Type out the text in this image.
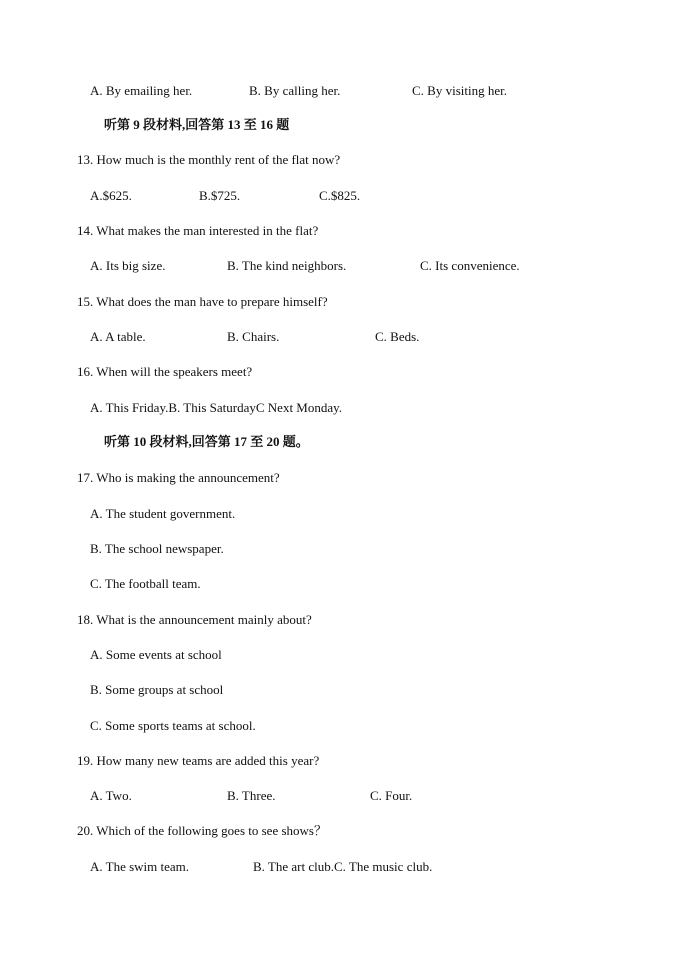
A. By emailing her.	B. By calling her.	C. By visiting her.
听第 9 段材料,回答第 13 至 16 题
13. How much is the monthly rent of the flat now?
A.$625.	B.$725.	C.$825.
14. What makes the man interested in the flat?
A. Its big size.	B. The kind neighbors.	C. Its convenience.
15. What does the man have to prepare himself?
A. A table.	B. Chairs.	C. Beds.
16. When will the speakers meet?
A. This Friday.B. This SaturdayC Next Monday.
听第 10 段材料,回答第 17 至 20 题。
17. Who is making the announcement?
A. The student government.
B. The school newspaper.
C. The football team.
18. What is the announcement mainly about?
A. Some events at school
B. Some groups at school
C. Some sports teams at school.
19. How many new teams are added this year?
A. Two.	B. Three.	C. Four.
20. Which of the following goes to see shows？
A. The swim team.	B. The art club.C. The music club.
